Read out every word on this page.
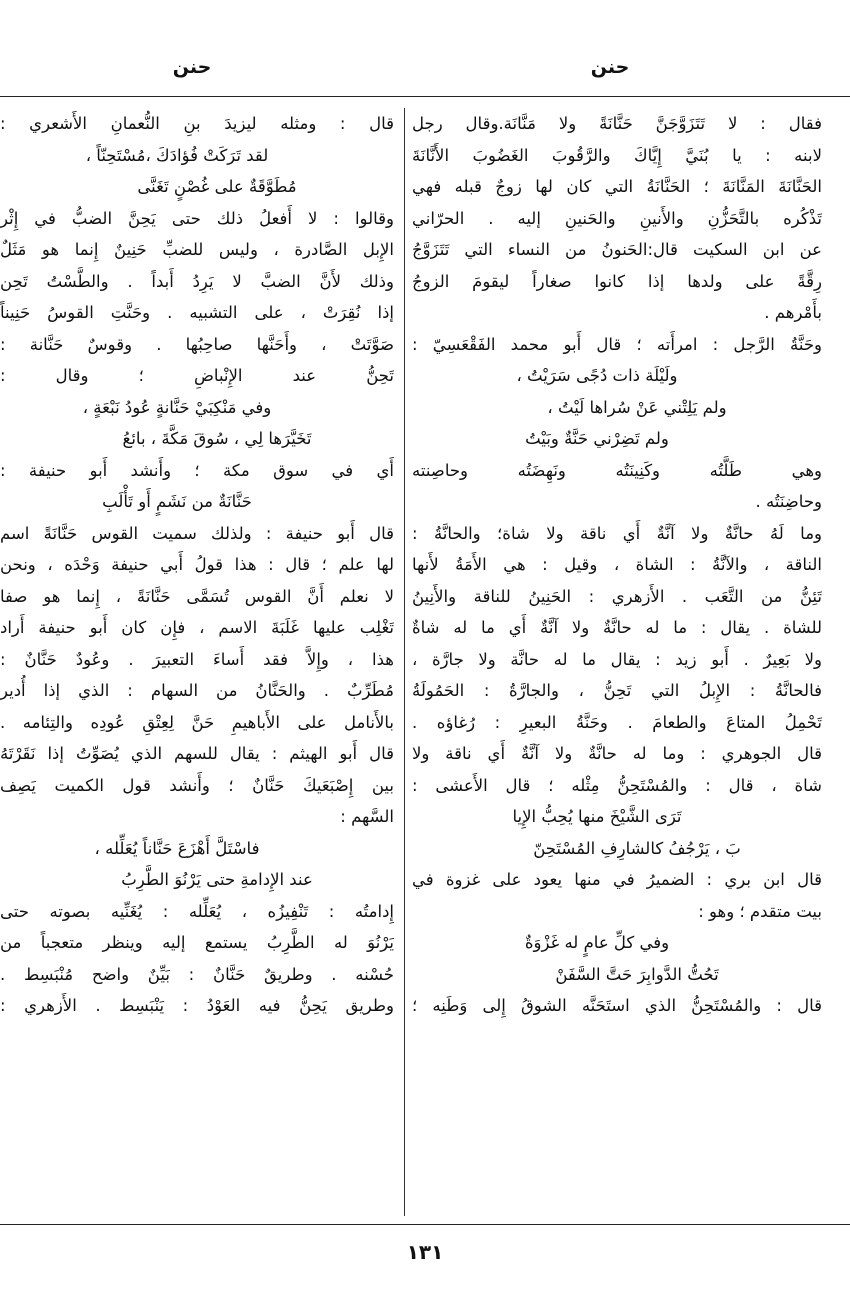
حنن
حنن
فقال : لا تَتَزَوَّجَنَّ حَنَّانَةً ولا مَنَّانَة.وقال رجل
لابنه : يا بُنَيَّ إِيَّاكَ والرَّقُوبَ الغَضُوبَ الأَنَّانَةَ
الحَنَّانَةَ المَنَّانَةَ ؛ الحَنَّانَةُ التي كان لها زوجٌ قبله فهي
تَذْكُره بالتَّحَزُّنِ والأَنينِ والحَنينِ إليه . الحرّاني
عن ابن السكيت قال:الحَنونُ من النساء التي تَتَزَوَّجُ
رِقَّةً على ولدها إذا كانوا صغاراً ليقومَ الزوجُ
بأَمْرهم .
وحَنَّةُ الرَّجل : امرأَته ؛ قال أَبو محمد الفَقْعَسِيّ :
ولَيْلَة ذات دُجًى سَرَيْتُ ،
ولم يَلِتْني عَنْ سُراها لَيْتُ ،
ولم تَضِرْني حَنَّةٌ وبَيْتُ
وهي طَلَّتُه وكَنِينَتُه ونَهِضَتُه وحاصِنته
وحاضِنَتُه .
وما لَهُ حانَّةٌ ولا آنَّةٌ أَي ناقة ولا شاة؛ والحانَّةُ :
الناقة ، والآنَّةُ : الشاة ، وقيل : هي الأَمَةُ لأَنها
تَئِنُّ من التَّعَب . الأَزهري : الحَنِينُ للناقة والأَنِينُ
للشاة . يقال : ما له حانَّةٌ ولا آنَّةٌ أَي ما له شاةٌ
ولا بَعِيرٌ . أَبو زيد : يقال ما له حانَّة ولا جارَّة ،
فالحانَّةُ : الإِبلُ التي تَحِنُّ ، والجارَّةُ : الحَمُولَةُ
تَحْمِلُ المتاعَ والطعامَ . وحَنَّةُ البعيرِ : رُغاؤه .
قال الجوهري : وما له حانَّةٌ ولا آنَّةٌ أَي ناقة ولا
شاة ، قال : والمُسْتَحِنُّ مِثْله ؛ قال الأَعشى :
تَرَى الشَّيْخَ منها يُحِبُّ الإِيا
بَ ، يَرْجُفُ كالشارِفِ المُسْتَحِنّ
قال ابن بري : الضميرُ في منها يعود على غزوة في
بيت متقدم ؛ وهو :
وفي كلِّ عامٍ له غَزْوَةٌ
تَحُتُّ الدَّوابِرَ حَتَّ السَّفَنْ
قال : والمُسْتَحِنُّ الذي استَحَنَّه الشوقُ إِلى وَطَنِه ؛
قال : ومثله ليزيدَ بنِ النُّعمانِ الأَشعري :
لقد تَرَكَتْ فُؤادَكَ ،مُسْتَحِنّاً ،
مُطَوَّقَةٌ على غُصْنٍ تَغَنَّى
وقالوا : لا أَفعلُ ذلك حتى يَحِنَّ الضبُّ في إِثْر
الإِبل الصَّادرة ، وليس للضبِّ حَنِينٌ إِنما هو مَثَلٌ
وذلك لأَنَّ الضبَّ لا يَرِدُ أَبداً . والطَّسْتُ تَحِن
إذا نُقِرَتْ ، على التشبيه . وحَنَّتِ القوسُ حَنِيناً
صَوَّتَتْ ، وأَحَنَّها صاحِبُها . وقوسٌ حَنَّانة :
تَحِنُّ عند الإِنْباضِ ؛ وقال :
وفي مَنْكِبَيْ حَنَّانةٍ عُودُ نَبْعَةٍ ،
تَخَيَّرَها لِي ، سُوقَ مَكَّةَ ، بائعُ
أَي في سوق مكة ؛ وأَنشد أَبو حنيفة :
حَنَّانَةٌ من نَشَمٍ أَو تَأْلَبِ
قال أَبو حنيفة : ولذلك سميت القوس حَنَّانَةً اسم
لها علم ؛ قال : هذا قولُ أَبي حنيفة وَحْدَه ، ونحن
لا نعلم أَنَّ القوس تُسَمَّى حَنَّانَةً ، إِنما هو صفا
تَغْلِب عليها غَلَبَةَ الاسم ، فإِن كان أَبو حنيفة أَراد
هذا ، وإِلاَّ فقد أَساءَ التعبيرَ . وعُودٌ حَنَّانٌ :
مُطَرِّبٌ . والحَنَّانُ من السهام : الذي إذا أُدير
بالأَنامل على الأَباهيمِ حَنَّ لِعِتْقِ عُودِه والتِئامه .
قال أَبو الهيثم : يقال للسهم الذي يُصَوِّتُ إذا نَقَرْتَهُ
بين إِصْبَعَيكَ حَنَّانٌ ؛ وأَنشد قول الكميت يَصِف
السَّهم :
فاسْتَلَّ أَهْزَعَ حَنَّاناً يُعَلِّله ،
عند الإِدامةِ حتى يَرْنُوَ الطَّرِبُ
إِدامتُه : تَنْفِيزُه ، يُعَلِّله : يُغَنِّيه بصوته حتى
يَرْنُوَ له الطَّرِبُ يستمع إليه وينظر متعجباً من
حُسْنه . وطريقٌ حَنَّانٌ : بَيِّنٌ واضح مُنْبَسِط .
وطريق يَحِنُّ فيه العَوْدُ : يَنْبَسِط . الأَزهري :
١٣١
